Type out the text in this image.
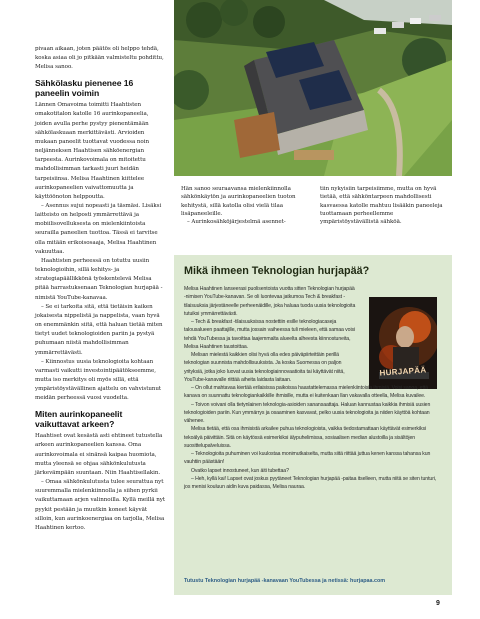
pivaan aikaan, joten päätös oli helppo tehdä, koska asiaa oli jo pitkään valmisteltu pohdittu, Melisa sanoo.

Sähkölasku pienenee 16 paneelin voimin

Lännen Omavoima toimitti Haahtisten omakotitalon katolle 16 aurinkopaneelia, joiden avulla perhe pystyy pienentämään sähkölaskuaan merkittävästi. Arvioiden mukaan paneelit tuottavat vuodessa noin neljänneksen Haahtisen sähköenergian tarpeesta. Aurinkovoimala on mitoitettu mahdollisimman tarkasti juuri heidän tarpeisiinsa. Melisa Haahtinen kiittelee aurinkopaneelien vaivattomuutta ja käyttöönoton helppoutta.

– Asennus sujui nopeasti ja täsmäsi. Lisäksi laitteisto on helposti ymmärrettävä ja mobiilisovelluksesta on mielenkiintoista seurailla paneelien tuottoa. Tässä ei tarvitse olla mitään erikoisosaaja, Melisa Haahtinen vakuuttaa.

Haahtisten perheessä on totuttu uusiin teknologioihin, sillä kehitys- ja strategiapäällikkönä työskentelevä Melisa pitää harrastuksenaan Teknologian hurjapää -nimistä YouTube-kanavaa.

– Se ei tarkoita sitä, että tietäisin kaiken jokaisesta nippelistä ja nappelista, vaan hyvä on enemmänkin siitä, että haluan tietää miten tietyt uudet teknologioiden pariin ja pystyä puhumaan niistä mahdollisimman ymmärrettävästi.

– Kiinnostus uusia teknologioita kohtaan varmasti vaikutti investointipäätökseemme, mutta iso merkitys oli myös sillä, että ympäristöystävällinen ajattelu on vahvistunut meidän perheessä vuosi vuodelta.

Miten aurinkopaneelit vaikuttavat arkeen?

Haahtiset ovat kesästä asti ehtineet tutustella arkeen aurinkopaneelien kanssa. Oma aurinkovoimala ei sinänsä kaipaa huomiota, mutta yleensä se ohjaa sähkönkulutusta järkevämpään suuntaan. Niin Haahtisellakin.

– Omaa sähkönkulutusta tulee seurattua nyt suuremmalla mielenkiinnolla ja siihen pyrkii vaikuttamaan arjen valinnoilla. Kyllä meillä nyt pyykit pestään ja muutkin koneet käyvät silloin, kun aurinkoenergiaa on tarjolla, Melisa Haahtinen kertoo.

Hän sanoo seuraavansa mielenkiinnolla sähkönkäytön ja aurinkopaneelien tuoton kehitystä, sillä katolla olisi vielä tilaa lisäpaneeleille.

– Aurinkosähköjärjestelmä asennet-

tiin nykyisiin tarpeisiimme, mutta on hyvä tietää, että sähköntarpeen mahdollisesti kasvaessa katolle mahtuu lisääkin paneeleja tuottamaan perheellemme ympäristöystävällistä sähköä.

Mikä ihmeen Teknologian hurjapää?
HURJAPÄÄ

Melisa Haahtinen lanseerasi puolisentoista vuotta sitten Teknologian hurjapää -nimisen YouTube-kanavan. Se oli luontevaa jatkumoa Tech & breakfast -tilaisuuksia järjestäneelle perheenäidille, joka haluaa tuoda uusia teknologioita tutuiksi ymmärrettävästi.

– Tech & breakfast -tilaisuuksissa nostettiin esille teknologiacaseja talousalueen paattajille, mutta jossain vaiheessa tuli mieleen, että samaa voisi tehdä YouTubessa ja tavoittaa laajemmalta alueelta alheesta kiinnostuneita, Melisa Haahtinen taustoittaa.

Melisan mielestä kaikkien olisi hyvä olla edes päiväpiirteittäin perillä teknologian suunnista mahdollisuuksista. Ja koska Suomessa on paljon yrityksiä, jotka joko luovat uusia teknologiainnovaatioita tai käyttävät niitä, YouTube-kanavalle riittää aiheita laidasta laitaan.

– On ollut mahtavaa kiertää erilaisissa paikoissa haastattelemassa mielenkiintoisia ihmisiä. Voisi sanoa, että kanava on suunnattu teknologiankaikkille ihmisille, mutta ei kuitenkaan llan vakavalla otteella, Melisa kuvailee.

– Toivon voivani olla tietynlainen teknologia-asioiden sanansaattaja. Haluan kannustaa kaikkia ihmisiä uusien teknologioiden pariin. Kun ymmärrys ja osaaminen kasvavat, pelko uusia teknologioita ja niiden käyttöä kohtaan vähenee.

Melisa tietää, että osa ihmisistä arkailee puhua teknologioista, vaikka tiedostamattaan käyttävät esimerkiksi tekoälyä päivittäin. Sitä on käytössä esimerkiksi älypuhelimissa, sosiaalisen median alustoilla ja sisältöjen suosittelupalveluissa.

– Teknologioita puhuminen voi kuulostaa monimutkaiselta, mutta siitä riittää juttua kenen kanssa tahansa kun vauhtiin päästään!

Ovatko lapset innostuneet, kun äiti tubettaa?

– Heh, kyllä kai! Lapset ovat joskus pyytäneet Teknologian hurjapää -paitaa itselleen, mutta niitä se siten tunturi, jos menisi kouluun aidin kuva paidassa, Melisa nauraa.

Tutustu Teknologian hurjapää -kanavaan YouTubessa ja netissä: hurjapaa.com
9
